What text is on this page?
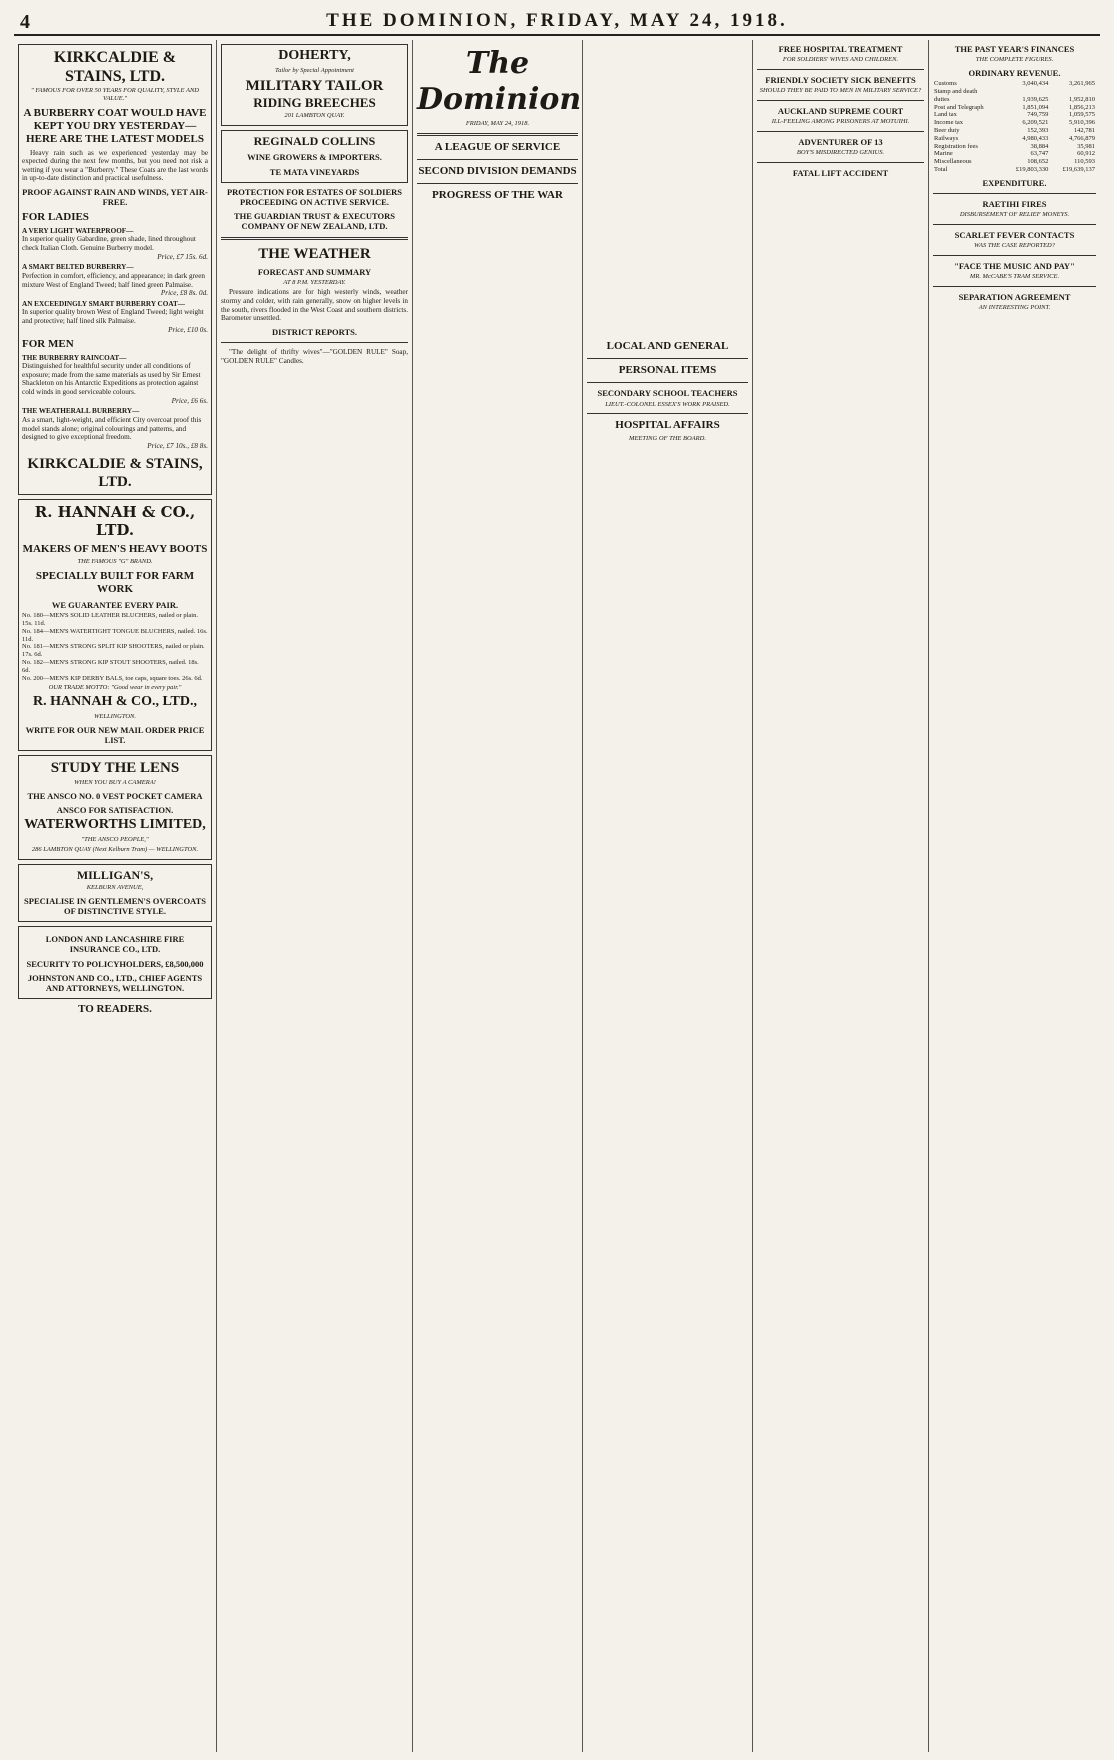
4	THE DOMINION, FRIDAY, MAY 24, 1918.
KIRKCALDIE & STAINS, LTD.
" FAMOUS FOR OVER 50 YEARS FOR QUALITY, STYLE AND VALUE."
A BURBERRY COAT WOULD HAVE KEPT YOU DRY YESTERDAY— HERE ARE THE LATEST MODELS

Heavy rain such as we experienced yesterday may be expected during the next few months, but you need not risk a wetting if you wear a "Burberry." These Coats are the last words in up-to-date distinction and practical usefulness.

PROOF AGAINST RAIN AND WINDS, YET AIR-FREE.
FOR LADIES
A VERY LIGHT WATERPROOF—
In superior quality Gabardine, green shade, lined throughout check Italian Cloth. Genuine Burberry model.
Price, £7 15s. 6d.
A SMART BELTED BURBERRY—
Perfection in comfort, efficiency, and appearance; in dark green mixture West of England Tweed; half lined green Palmaise.
Price, £8 8s. 0d.
AN EXCEEDINGLY SMART BURBERRY COAT—
In superior quality brown West of England Tweed; light weight and protective; half lined silk Palmaise.
Price, £10 0s.
FOR MEN
THE BURBERRY RAINCOAT—
Distinguished for healthful security under all conditions of exposure; made from the same materials as used by Sir Ernest Shackleton on his Antarctic Expeditions as protection against cold winds in good serviceable colours.
Price, £6 6s.
THE WEATHERALL BURBERRY—
As a smart, light-weight, and efficient City overcoat proof this model stands alone; original colourings and patterns, and designed to give exceptional freedom.
Price, £7 10s., £8 8s.
KIRKCALDIE & STAINS, LTD.
R. HANNAH & CO., LTD.
MAKERS OF MEN'S HEAVY BOOTS
THE FAMOUS "G" BRAND.
SPECIALLY BUILT FOR FARM WORK
WE GUARANTEE EVERY PAIR.
No. 180—MEN'S SOLID LEATHER BLUCHERS, nailed or plain. 15s. 11d.
No. 184—MEN'S WATERTIGHT TONGUE BLUCHERS, nailed. 16s. 11d.
No. 181—MEN'S STRONG SPLIT KIP SHOOTERS, nailed or plain. 17s. 6d.
No. 182—MEN'S STRONG KIP STOUT SHOOTERS, nailed. 18s. 6d.
No. 200—MEN'S KIP DERBY BALS, toe caps, square toes. 26s. 6d.
OUR TRADE MOTTO: "Good wear in every pair."
R. HANNAH & CO., LTD.,
WELLINGTON.
WRITE FOR OUR NEW MAIL ORDER PRICE LIST.
STUDY THE LENS
WHEN YOU BUY A CAMERA!
THE ANSCO NO. 0 VEST POCKET CAMERA
ANSCO FOR SATISFACTION.
WATERWORTHS LIMITED,
"THE ANSCO PEOPLE,"
286 LAMBTON QUAY (Next Kelburn Tram) — WELLINGTON.
MILLIGAN'S,
KELBURN AVENUE,
SPECIALISE IN GENTLEMEN'S OVERCOATS OF DISTINCTIVE STYLE.
LONDON AND LANCASHIRE FIRE INSURANCE CO., LTD.
SECURITY TO POLICYHOLDERS, £8,500,000
JOHNSTON AND CO., LTD., CHIEF AGENTS AND ATTORNEYS, WELLINGTON.
TO READERS.
DOHERTY,
Tailor by Special Appointment
MILITARY TAILOR
RIDING BREECHES
201 LAMBTON QUAY.
REGINALD COLLINS
WINE GROWERS & IMPORTERS.
TE MATA VINEYARDS
PROTECTION FOR ESTATES OF SOLDIERS PROCEEDING ON ACTIVE SERVICE.
THE GUARDIAN TRUST & EXECUTORS COMPANY OF NEW ZEALAND, LTD.
THE WEATHER
FORECAST AND SUMMARY
AT 8 P.M. YESTERDAY.

Pressure indications are for high westerly winds, weather stormy and colder, with rain generally, snow on higher levels in the south, rivers flooded in the West Coast and southern districts. Barometer unsettled.

DISTRICT REPORTS.

"The delight of thrifty wives"—"GOLDEN RULE" Soap, "GOLDEN RULE" Candles.

The Dominion
FRIDAY, MAY 24, 1918.
A LEAGUE OF SERVICE
SECOND DIVISION DEMANDS
PROGRESS OF THE WAR
LOCAL AND GENERAL
PERSONAL ITEMS
SECONDARY SCHOOL TEACHERS
LIEUT.-COLONEL ESSEX'S WORK PRAISED.
HOSPITAL AFFAIRS
MEETING OF THE BOARD.
FREE HOSPITAL TREATMENT
FOR SOLDIERS' WIVES AND CHILDREN.
FRIENDLY SOCIETY SICK BENEFITS
SHOULD THEY BE PAID TO MEN IN MILITARY SERVICE?
AUCKLAND SUPREME COURT
ILL-FEELING AMONG PRISONERS AT MOTUIHI.
ADVENTURER OF 13
BOY'S MISDIRECTED GENIUS.
FATAL LIFT ACCIDENT
THE PAST YEAR'S FINANCES
THE COMPLETE FIGURES.
ORDINARY REVENUE.
Customs	3,040,434	3,261,965
Stamp and death		
duties	1,939,625	1,952,810
Post and Telegraph	1,851,094	1,856,213
Land tax	749,759	1,059,575
Income tax	6,209,521	5,910,396
Beer duty	152,393	142,781
Railways	4,980,433	4,766,879
Registration fees	38,884	35,981
Marine	63,747	60,912
Miscellaneous	108,652	110,593
Total	£19,803,330	£19,639,137
EXPENDITURE.
RAETIHI FIRES
DISBURSEMENT OF RELIEF MONEYS.
SCARLET FEVER CONTACTS
WAS THE CASE REPORTED?
"FACE THE MUSIC AND PAY"
MR. McCABE'S TRAM SERVICE.
SEPARATION AGREEMENT
AN INTERESTING POINT.
